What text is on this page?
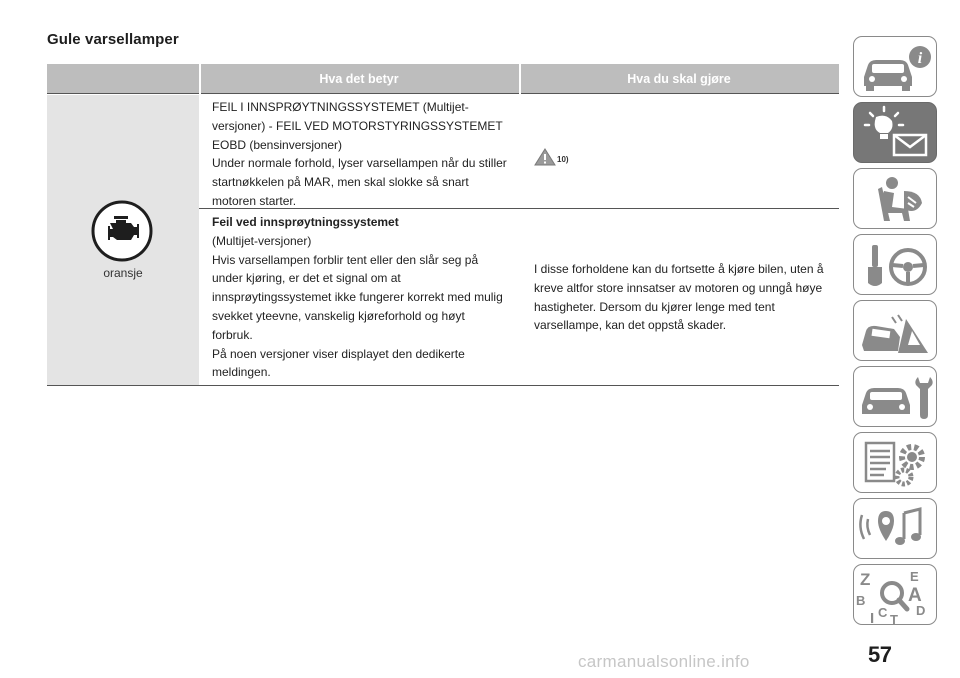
Gule varsellamper
Hva det betyr	Hva du skal gjøre
oransje
FEIL I INNSPRØYTNINGSSYSTEMET (Multijet-
versjoner) - FEIL VED MOTORSTYRINGSSYSTEMET
EOBD (bensinversjoner)
Under normale forhold, lyser varsellampen når du stiller
startnøkkelen på MAR, men skal slokke så snart
motoren starter.
10)
Feil ved innsprøytningssystemet
(Multijet-versjoner)
Hvis varsellampen forblir tent eller den slår seg på
under kjøring, er det et signal om at
innsprøytingssystemet ikke fungerer korrekt med mulig
svekket yteevne, vanskelig kjøreforhold og høyt
forbruk.
På noen versjoner viser displayet den dedikerte
meldingen.
I disse forholdene kan du fortsette å kjøre bilen, uten å
kreve altfor store innsatser av motoren og unngå høye
hastigheter. Dersom du kjører lenge med tent
varsellampe, kan det oppstå skader.
i
Z	E
A
B
C D
T
I
57
carmanualsonline.info
